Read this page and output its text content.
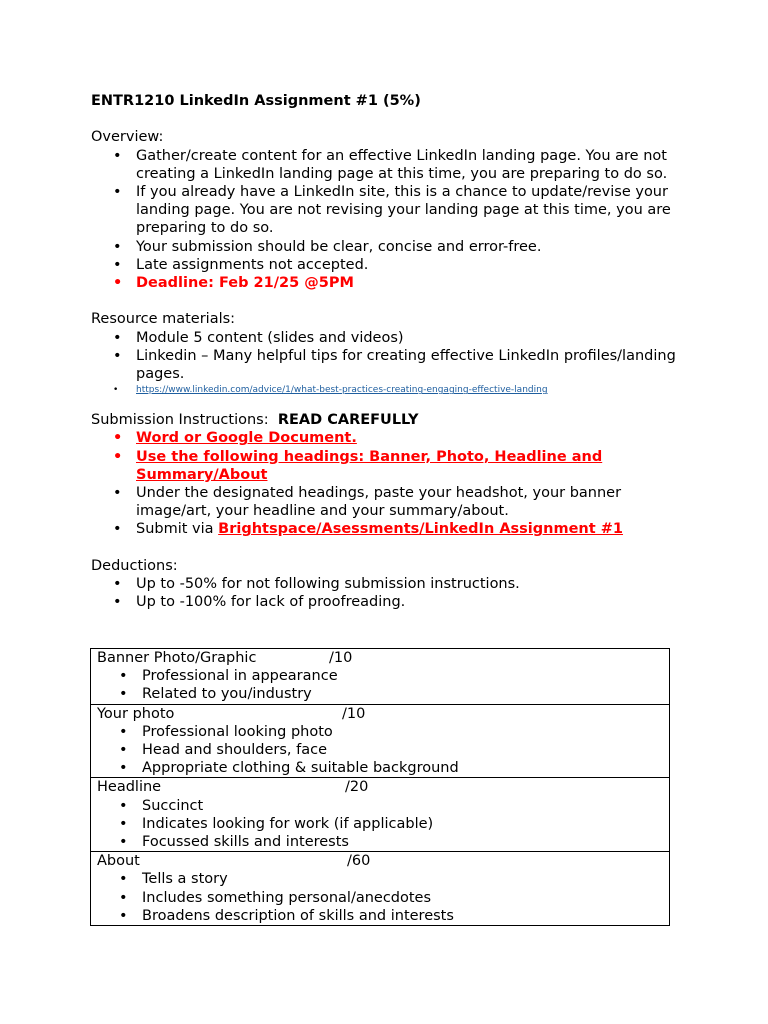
ENTR1210 LinkedIn Assignment #1 (5%)

Overview:

• Gather/create content for an effective LinkedIn landing page. You are not creating a LinkedIn landing page at this time, you are preparing to do so.
• If you already have a LinkedIn site, this is a chance to update/revise your landing page. You are not revising your landing page at this time, you are preparing to do so.
• Your submission should be clear, concise and error-free.
• Late assignments not accepted.
• Deadline: Feb 21/25 @5PM

Resource materials:

• Module 5 content (slides and videos)
• Linkedin – Many helpful tips for creating effective LinkedIn profiles/landing pages.
• https://www.linkedin.com/advice/1/what-best-practices-creating-engaging-effective-landing

Submission Instructions: READ CAREFULLY

• Word or Google Document.
• Use the following headings: Banner, Photo, Headline and Summary/About
• Under the designated headings, paste your headshot, your banner image/art, your headline and your summary/about.
• Submit via Brightspace/Asessments/LinkedIn Assignment #1

Deductions:

• Up to -50% for not following submission instructions.
• Up to -100% for lack of proofreading.
Banner Photo/Graphic	/10
• Professional in appearance
• Related to you/industry

Your photo	/10
• Professional looking photo
• Head and shoulders, face
• Appropriate clothing & suitable background

Headline	/20
• Succinct
• Indicates looking for work (if applicable)
• Focussed skills and interests

About	/60
• Tells a story
• Includes something personal/anecdotes
• Broadens description of skills and interests
